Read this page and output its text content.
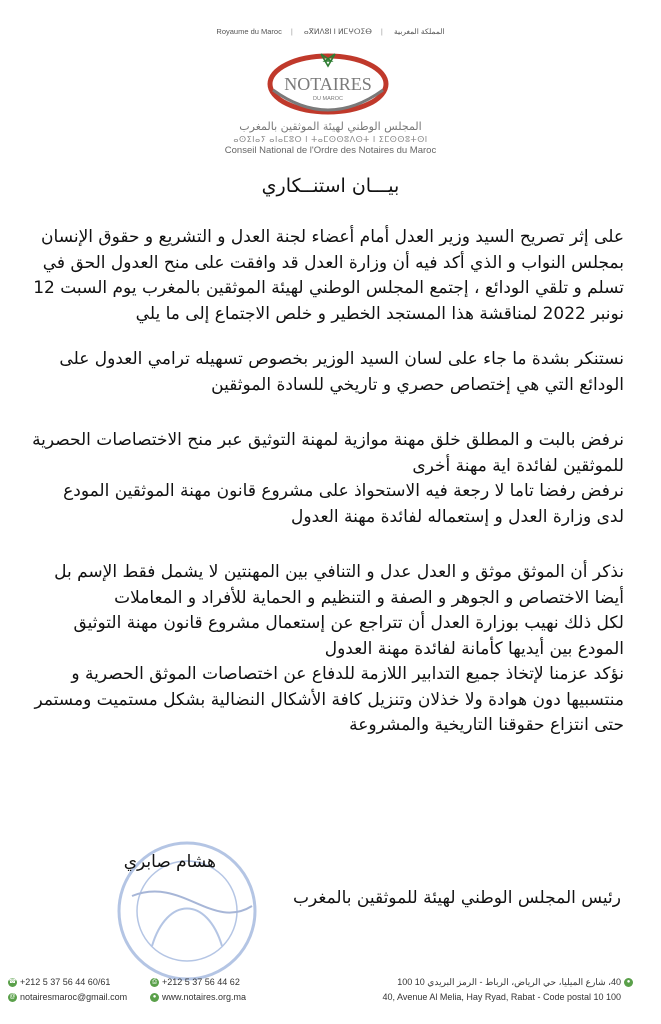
Royaume du Maroc | ⴰⴳⵍⴷⵓⵏ ⵏ ⵍⵎⵖⵔⵉⴱ | المملكة المغربية
NOTAIRES
DU MAROC
المجلس الوطني لهيئة الموثقين بالمغرب
ⴰⵙⵉⵏⴰⵢ ⴰⵏⴰⵎⵓⵔ ⵏ ⵜⴰⵎⵙⵙⵓⴷⵙⵜ ⵏ ⵉⵎⵙⵙⵓⵜⵙⵏ
Conseil National de l'Ordre des Notaires du Maroc
بيـــان استنــكاري

على إثر تصريح السيد وزير العدل أمام أعضاء لجنة العدل و التشريع و حقوق الإنسان بمجلس النواب و الذي أكد فيه أن وزارة العدل قد وافقت على منح العدول الحق في تسلم و تلقي الودائع ، إجتمع المجلس الوطني لهيئة الموثقين بالمغرب يوم السبت 12 نونبر 2022 لمناقشة هذا المستجد الخطير و خلص الاجتماع إلى ما يلي

نستنكر بشدة ما جاء على لسان السيد الوزير بخصوص تسهيله ترامي العدول على الودائع التي هي إختصاص حصري و تاريخي للسادة الموثقين

نرفض بالبت و المطلق خلق مهنة موازية لمهنة التوثيق عبر منح الاختصاصات الحصرية للموثقين لفائدة اية مهنة أخرى

نرفض رفضا تاما لا رجعة فيه الاستحواذ على مشروع قانون مهنة الموثقين المودع لدى وزارة العدل و إستعماله لفائدة مهنة العدول

نذكر أن الموثق موثق و العدل عدل و التنافي بين المهنتين لا يشمل فقط الإسم بل أيضا الاختصاص و الجوهر و الصفة و التنظيم و الحماية للأفراد و المعاملات

لكل ذلك نهيب بوزارة العدل أن تتراجع عن إستعمال مشروع قانون مهنة التوثيق المودع بين أيديها كأمانة لفائدة مهنة العدول

نؤكد عزمنا لإتخاذ جميع التدابير اللازمة للدفاع عن اختصاصات الموثق الحصرية و منتسبيها دون هوادة ولا خذلان وتنزيل كافة الأشكال النضالية بشكل مستميت ومستمر حتى انتزاع حقوقنا التاريخية والمشروعة

هشام صابري
رئيس المجلس الوطني لهيئة للموثقين بالمغرب
☎ +212 5 37 56 44 60/61	⎙ +212 5 37 56 44 62
@ notairesmaroc@gmail.com	● www.notaires.org.ma
●
40، شارع الميليا، حي الرياض، الرباط - الرمز البريدي 10 100
40, Avenue Al Melia, Hay Ryad, Rabat - Code postal 10 100
